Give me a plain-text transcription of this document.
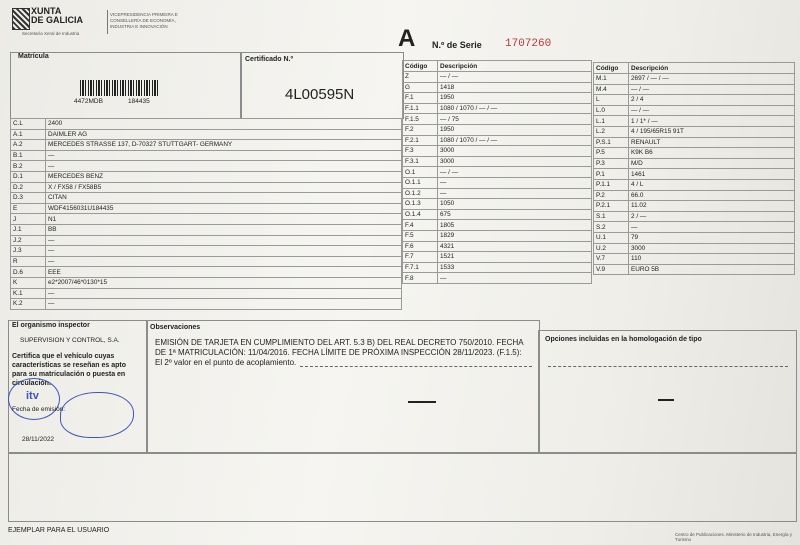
XUNTA
DE GALICIA
Secretaría Xeral de Industria
VICEPRESIDENCIA PRIMEIRA E
CONSELLERÍA DE ECONOMÍA,
INDUSTRIA E INNOVACIÓN	A N.º de Serie 1707260
Matrícula
4472MDB	184435
Certificado N.º
4L00595N
C.L	2400
A.1	DAIMLER AG
A.2	MERCEDES STRASSE 137, D-70327 STUTTGART- GERMANY
B.1	—
B.2	—
D.1	MERCEDES BENZ
D.2	X / FX58 / FX58B5
D.3	CITAN
E	WDF4156031U184435
J	N1
J.1	BB
J.2	—
J.3	—
R	—
D.6	EEE
K	e2*2007/46*0130*15
K.1	—
K.2	—
Código	Descripción
Z	— / —
G	1418
F.1	1950
F.1.1	1080 / 1070 / — / —
F.1.5	— / 75
F.2	1950
F.2.1	1080 / 1070 / — / —
F.3	3000
F.3.1	3000
O.1	— / —
O.1.1	—
O.1.2	—
O.1.3	1050
O.1.4	675
F.4	1805
F.5	1829
F.6	4321
F.7	1521
F.7.1	1533
F.8	—
Código	Descripción
M.1	2697 / — / —
M.4	— / —
L	2 / 4
L.0	— / —
L.1	1 / 1* / —
L.2	4 / 195/65R15 91T
P.S.1	RENAULT
P.5	K9K B6
P.3	M/D
P.1	1461
P.1.1	4 / L
P.2	66.0
P.2.1	11.02
S.1	2 / —
S.2	—
U.1	79
U.2	3000
V.7	110
V.9	EURO 5B
El organismo inspector
SUPERVISION Y CONTROL, S.A.
Certifica que el vehículo cuyas características se reseñan es apto para su matriculación o puesta en circulación.
itv
Fecha de emisión:
28/11/2022
Observaciones
EMISIÓN DE TARJETA EN CUMPLIMIENTO DEL ART. 5.3 B) DEL REAL DECRETO 750/2010. FECHA
DE 1ª MATRICULACIÓN: 11/04/2016. FECHA LÍMITE DE PRÓXIMA INSPECCIÓN 28/11/2023. (F.1.5):
El 2º valor en el punto de acoplamiento.
Opciones incluidas en la homologación de tipo
EJEMPLAR PARA EL USUARIO
Centro de Publicaciones. Ministerio de Industria, Energía y Turismo
